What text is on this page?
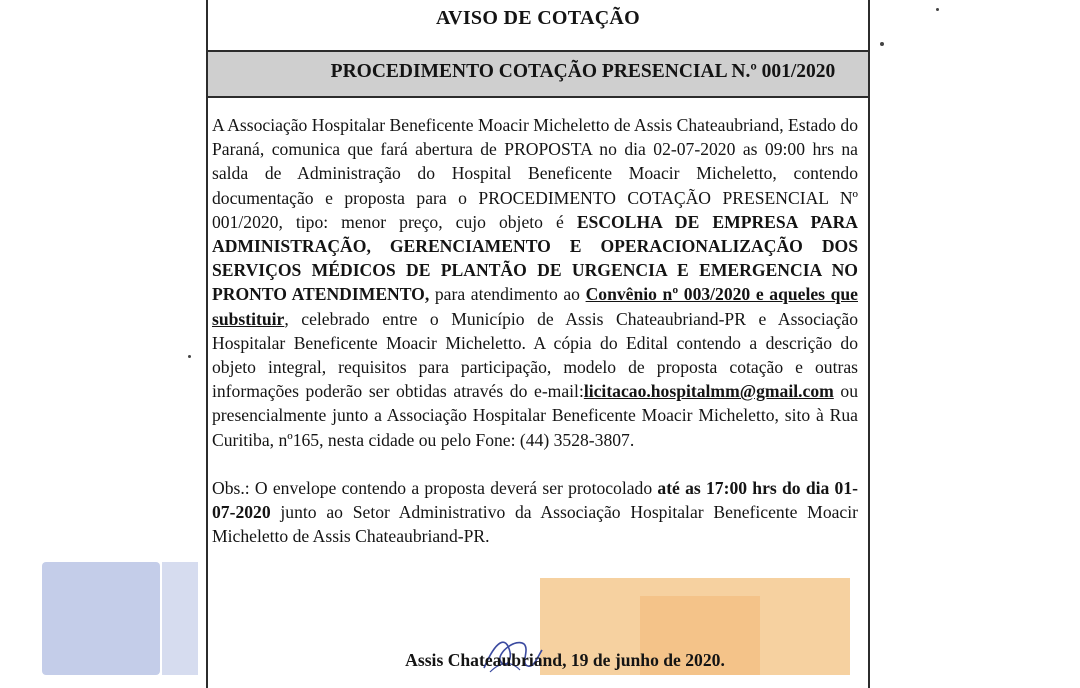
AVISO DE COTAÇÃO
PROCEDIMENTO COTAÇÃO PRESENCIAL N.º 001/2020

A Associação Hospitalar Beneficente Moacir Micheletto de Assis Chateaubriand, Estado do Paraná, comunica que fará abertura de PROPOSTA no dia 02-07-2020 as 09:00 hrs na salda de Administração do Hospital Beneficente Moacir Micheletto, contendo documentação e proposta para o PROCEDIMENTO COTAÇÃO PRESENCIAL Nº 001/2020, tipo: menor preço, cujo objeto é ESCOLHA DE EMPRESA PARA ADMINISTRAÇÃO, GERENCIAMENTO E OPERACIONALIZAÇÃO DOS SERVIÇOS MÉDICOS DE PLANTÃO DE URGENCIA E EMERGENCIA NO PRONTO ATENDIMENTO, para atendimento ao Convênio nº 003/2020 e aqueles que substituir, celebrado entre o Município de Assis Chateaubriand-PR e Associação Hospitalar Beneficente Moacir Micheletto. A cópia do Edital contendo a descrição do objeto integral, requisitos para participação, modelo de proposta cotação e outras informações poderão ser obtidas através do e-mail:licitacao.hospitalmm@gmail.com ou presencialmente junto a Associação Hospitalar Beneficente Moacir Micheletto, sito à Rua Curitiba, nº165, nesta cidade ou pelo Fone: (44) 3528-3807.

Obs.: O envelope contendo a proposta deverá ser protocolado até as 17:00 hrs do dia 01-07-2020 junto ao Setor Administrativo da Associação Hospitalar Beneficente Moacir Micheletto de Assis Chateaubriand-PR.

Assis Chateaubriand, 19 de junho de 2020.
